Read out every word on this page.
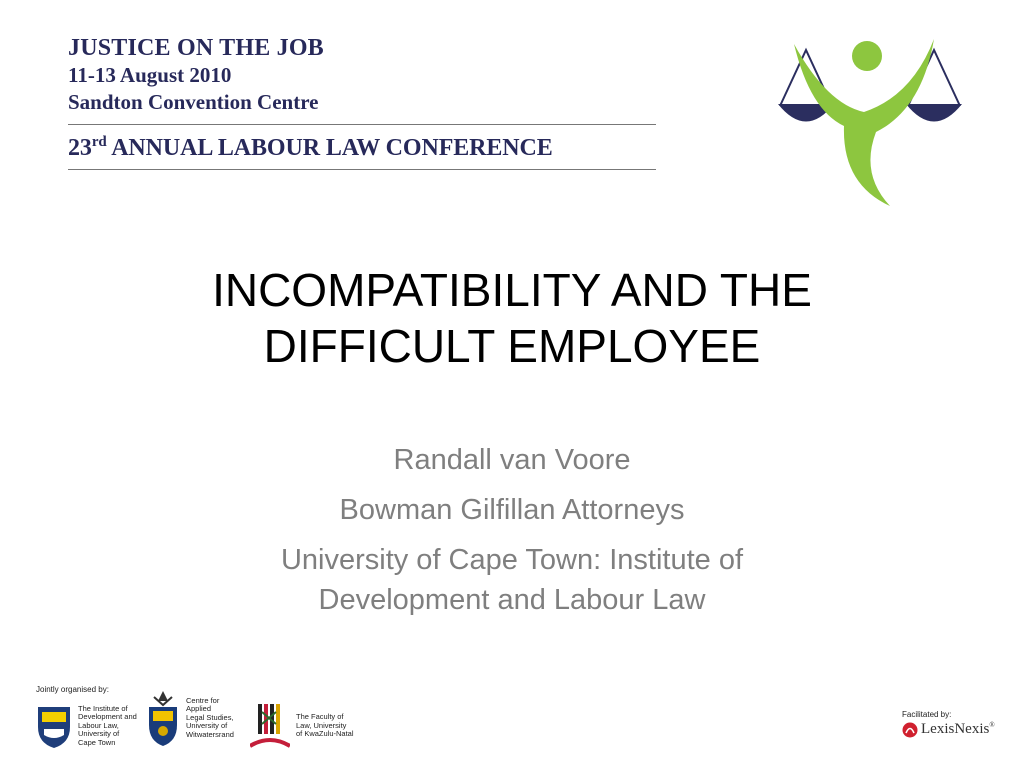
JUSTICE ON THE JOB
11-13 August 2010
Sandton Convention Centre
23rd ANNUAL LABOUR LAW CONFERENCE
INCOMPATIBILITY AND THE
DIFFICULT EMPLOYEE
Randall van Voore
Bowman Gilfillan Attorneys
University of Cape Town: Institute of
Development and Labour Law
Jointly organised by:
The Institute of
Development and
Labour Law,
University of
Cape Town
Centre for Applied
Legal Studies,
University of
Witwatersrand
The Faculty of
Law, University
of KwaZulu-Natal
Facilitated by:
LexisNexis®
